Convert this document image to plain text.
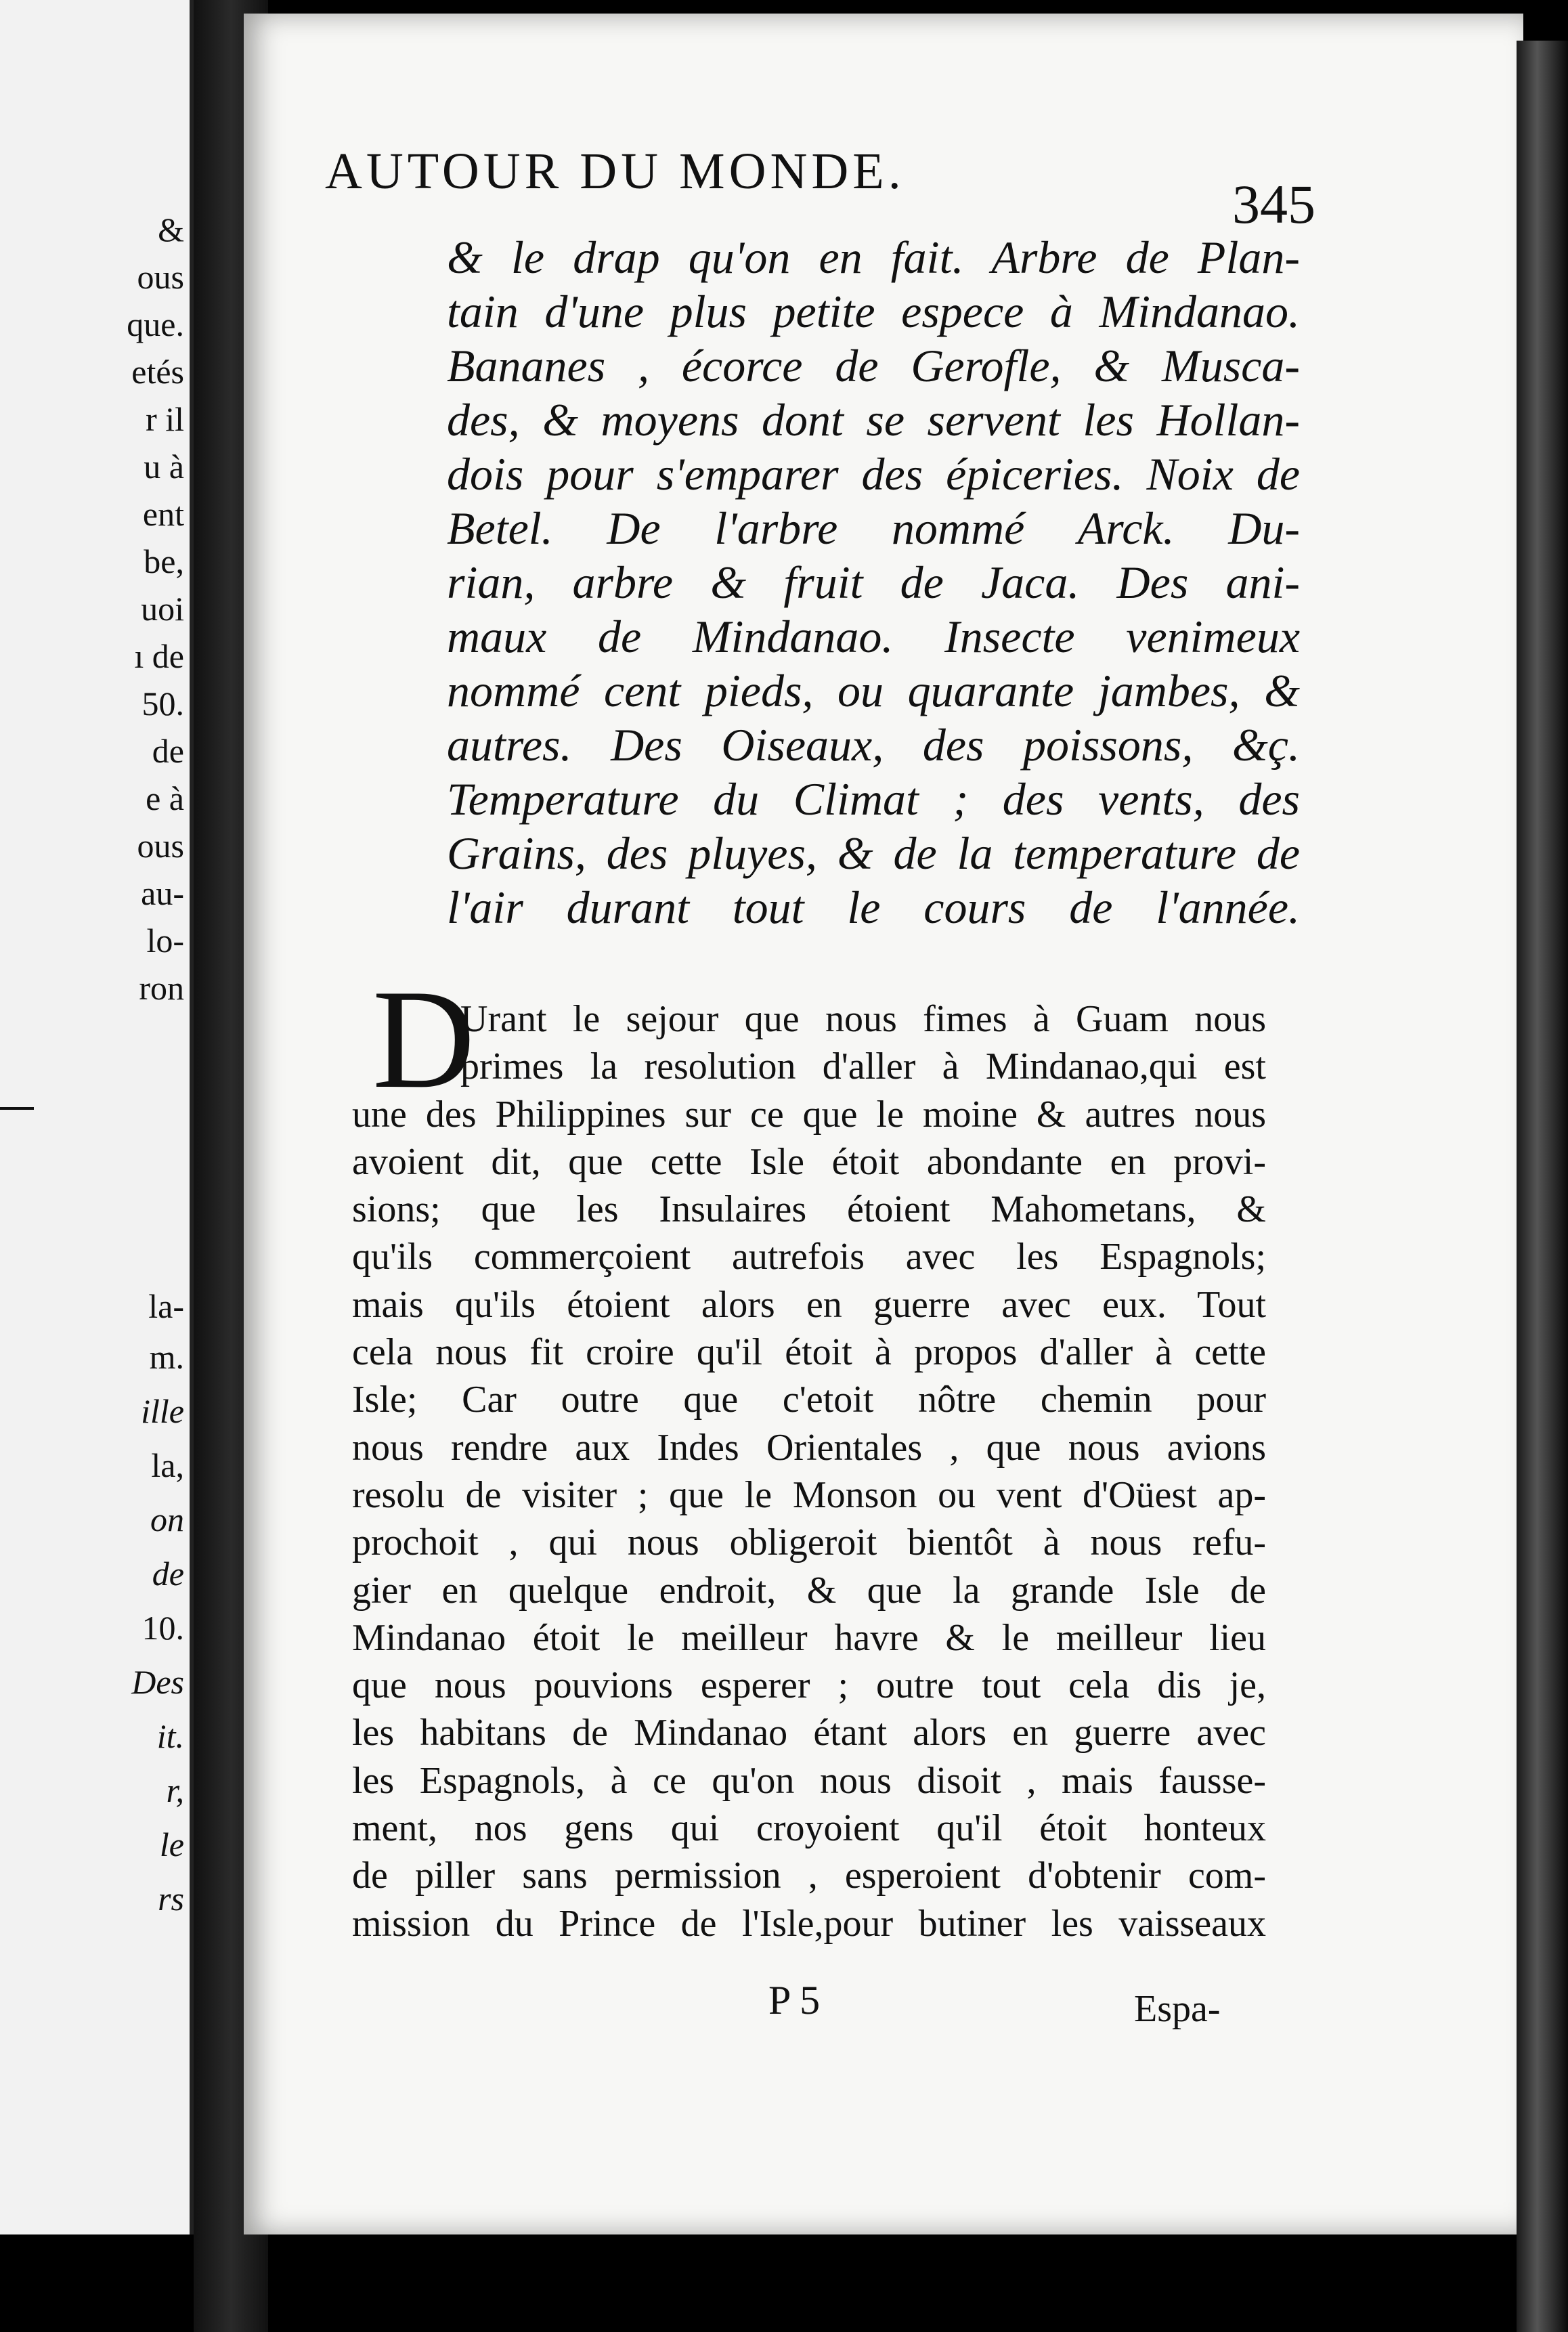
&
ous
que.
etés
r il
u à
ent
be,
uoi
ı de
50.
de
e à
ous
au-
lo-
ron
la-
m.
ille
la,
on
de
10.
Des
it.
r,
le
rs
AUTOUR DU MONDE.
345
& le drap qu'on en fait. Arbre de Plan-
tain d'une plus petite espece à Mindanao.
Bananes , écorce de Gerofle, & Musca-
des, & moyens dont se servent les Hollan-
dois pour s'emparer des épiceries. Noix de
Betel. De l'arbre nommé Arck. Du-
rian, arbre & fruit de Jaca. Des ani-
maux de Mindanao. Insecte venimeux
nommé cent pieds, ou quarante jambes, &
autres. Des Oiseaux, des poissons, &ç.
Temperature du Climat ; des vents, des
Grains, des pluyes, & de la temperature de
l'air durant tout le cours de l'année.
D
Urant le sejour que nous fimes à Guam nous
primes la resolution d'aller à Mindanao,qui est
une des Philippines sur ce que le moine & autres nous
avoient dit, que cette Isle étoit abondante en provi-
sions; que les Insulaires étoient Mahometans, &
qu'ils commerçoient autrefois avec les Espagnols;
mais qu'ils étoient alors en guerre avec eux. Tout
cela nous fit croire qu'il étoit à propos d'aller à cette
Isle; Car outre que c'etoit nôtre chemin pour
nous rendre aux Indes Orientales , que nous avions
resolu de visiter ; que le Monson ou vent d'Oüest ap-
prochoit , qui nous obligeroit bientôt à nous refu-
gier en quelque endroit, & que la grande Isle de
Mindanao étoit le meilleur havre & le meilleur lieu
que nous pouvions esperer ; outre tout cela dis je,
les habitans de Mindanao étant alors en guerre avec
les Espagnols, à ce qu'on nous disoit , mais fausse-
ment, nos gens qui croyoient qu'il étoit honteux
de piller sans permission , esperoient d'obtenir com-
mission du Prince de l'Isle,pour butiner les vaisseaux
P 5	Espa-
